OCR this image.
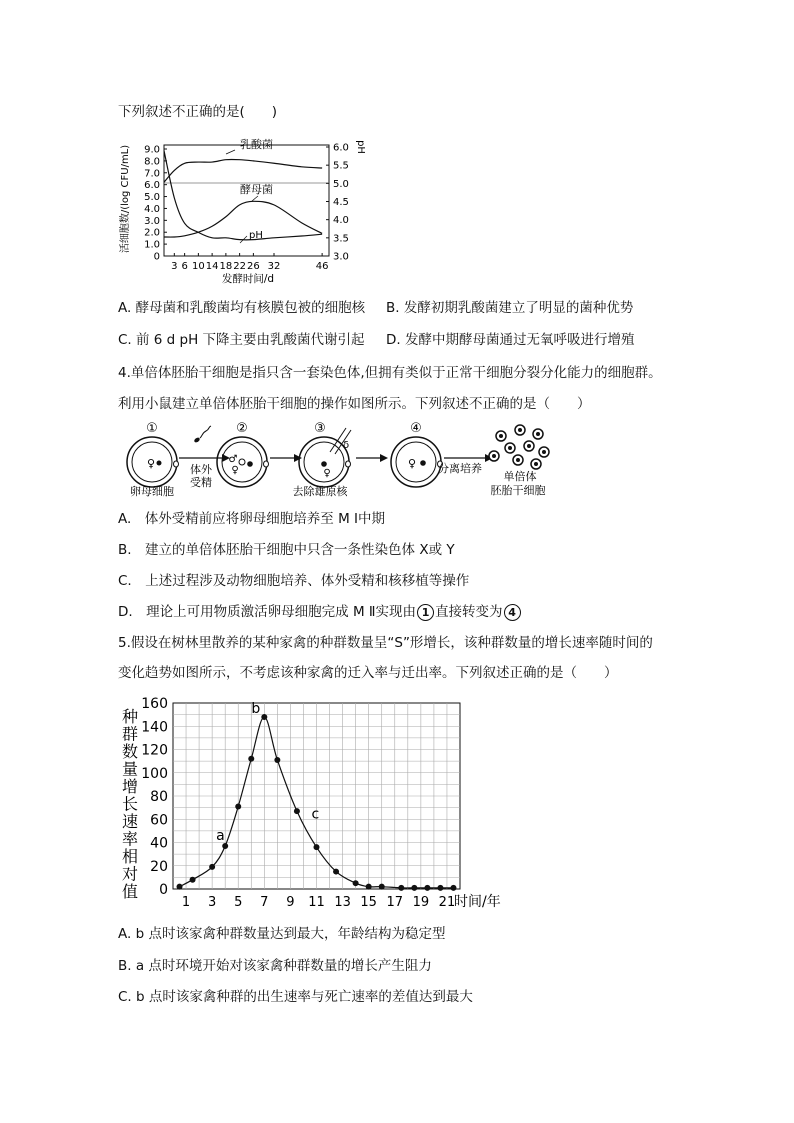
下列叙述不正确的是(　　)
活细胞数/(log CFU/mL)	pH
9.0
8.0
7.0
6.0
5.0
4.0
3.0
2.0
1.0
0
6.0
5.5
5.0
4.5
4.0
3.5
3.0
3 6 10 14 18 22 26 32	46
发酵时间/d
乳酸菌
酵母菌
pH
A. 酵母菌和乳酸菌均有核膜包被的细胞核 B. 发酵初期乳酸菌建立了明显的菌种优势
C. 前 6 d pH 下降主要由乳酸菌代谢引起 D. 发酵中期酵母菌通过无氧呼吸进行增殖
4.单倍体胚胎干细胞是指只含一套染色体,但拥有类似于正常干细胞分裂分化能力的细胞群。
利用小鼠建立单倍体胚胎干细胞的操作如图所示。下列叙述不正确的是（　　）
①
♀
卵母细胞
体外
受精
②
♂
♀
③
♀
δ
去除雄原核
④
♀ 分离培养
单倍体
胚胎干细胞
A.　体外受精前应将卵母细胞培养至 M Ⅰ中期
B.　建立的单倍体胚胎干细胞中只含一条性染色体 X或 Y
C.　上述过程涉及动物细胞培养、体外受精和核移植等操作
D.　理论上可用物质激活卵母细胞完成 M Ⅱ实现由 1 直接转变为 4
5.假设在树林里散养的某种家禽的种群数量呈“S”形增长，该种群数量的增长速率随时间的
变化趋势如图所示，不考虑该种家禽的迁入率与迁出率。下列叙述正确的是（　　）
种
群
数
量
增
长
速
率
相
对
值 0
20
40
60
80
100
120
140
160
1 3 5 7 9 11 13 15 17 19 21
a
b
c
时间/年
A. b 点时该家禽种群数量达到最大，年龄结构为稳定型
B. a 点时环境开始对该家禽种群数量的增长产生阻力
C. b 点时该家禽种群的出生速率与死亡速率的差值达到最大
